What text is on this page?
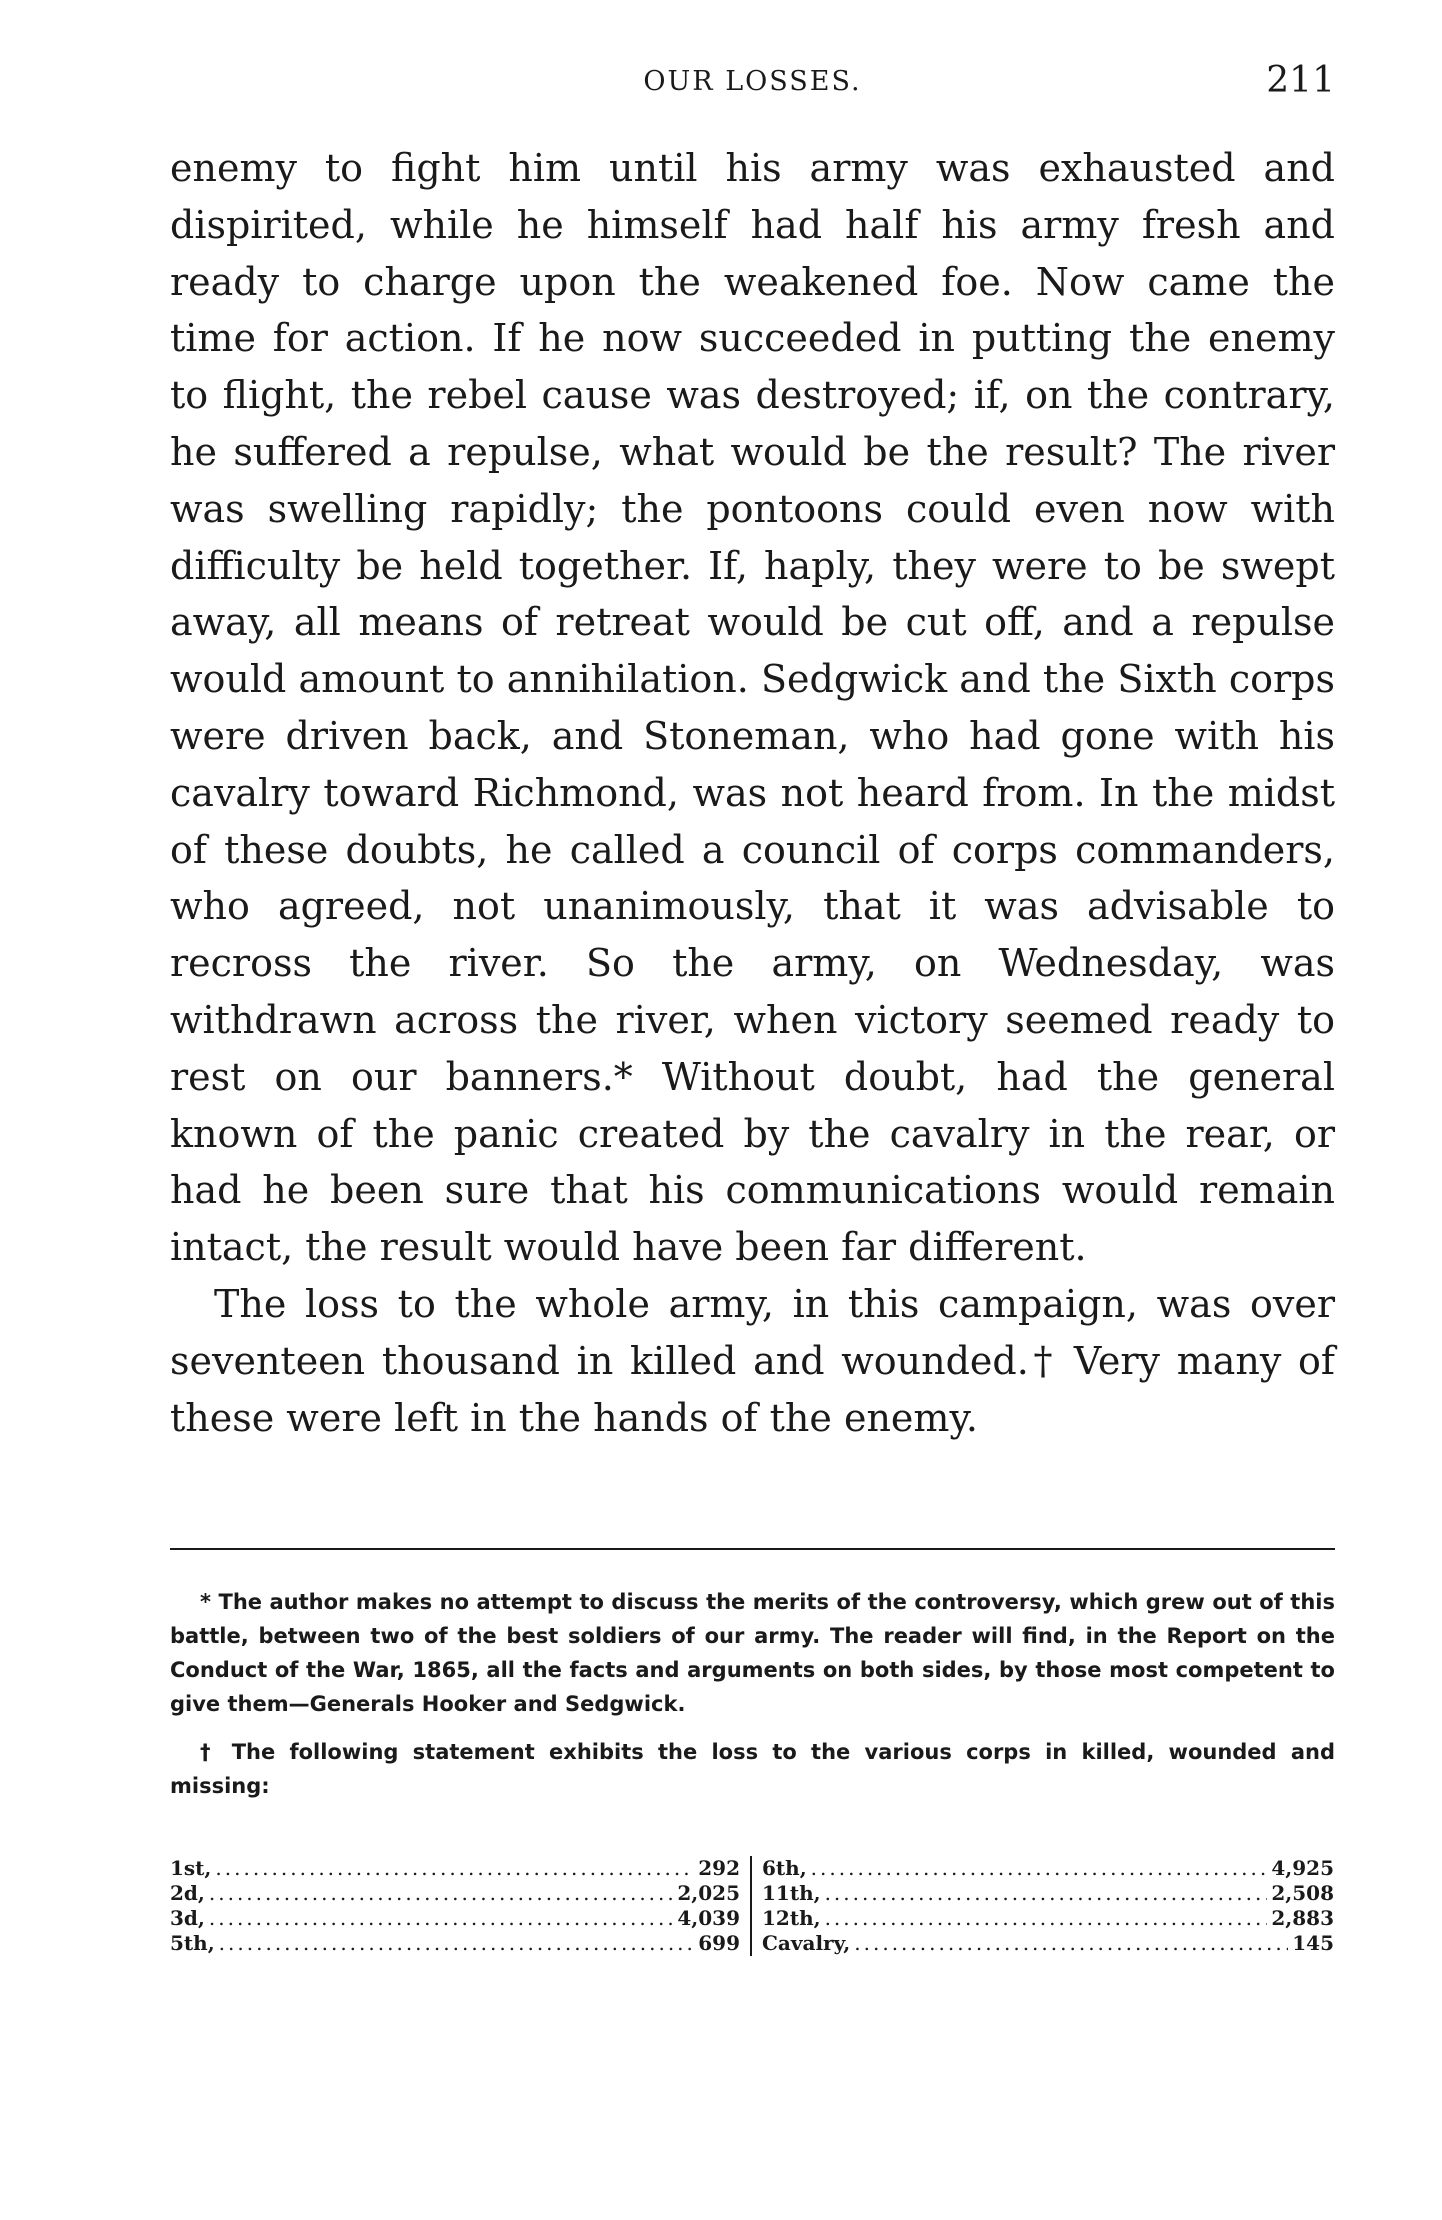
OUR LOSSES.	211

enemy to fight him until his army was exhausted and dispirited, while he himself had half his army fresh and ready to charge upon the weakened foe. Now came the time for action. If he now succeeded in putting the enemy to flight, the rebel cause was destroyed; if, on the contrary, he suffered a repulse, what would be the result? The river was swelling rapidly; the pontoons could even now with difficulty be held together. If, haply, they were to be swept away, all means of retreat would be cut off, and a repulse would amount to annihilation. Sedgwick and the Sixth corps were driven back, and Stoneman, who had gone with his cavalry toward Richmond, was not heard from. In the midst of these doubts, he called a council of corps commanders, who agreed, not unanimously, that it was advisable to recross the river. So the army, on Wednesday, was withdrawn across the river, when victory seemed ready to rest on our banners.* Without doubt, had the general known of the panic created by the cavalry in the rear, or had he been sure that his communications would remain intact, the result would have been far different.

The loss to the whole army, in this campaign, was over seventeen thousand in killed and wounded.† Very many of these were left in the hands of the enemy.

* The author makes no attempt to discuss the merits of the controversy, which grew out of this battle, between two of the best soldiers of our army. The reader will find, in the Report on the Conduct of the War, 1865, all the facts and arguments on both sides, by those most competent to give them—Generals Hooker and Sedgwick.

† The following statement exhibits the loss to the various corps in killed, wounded and missing:

1st, .....	292
2d, .....	2,025
3d, .....	4,039
5th, .....	699
6th, .....	4,925
11th, .....	2,508
12th, .....	2,883
Cavalry, .....	145
